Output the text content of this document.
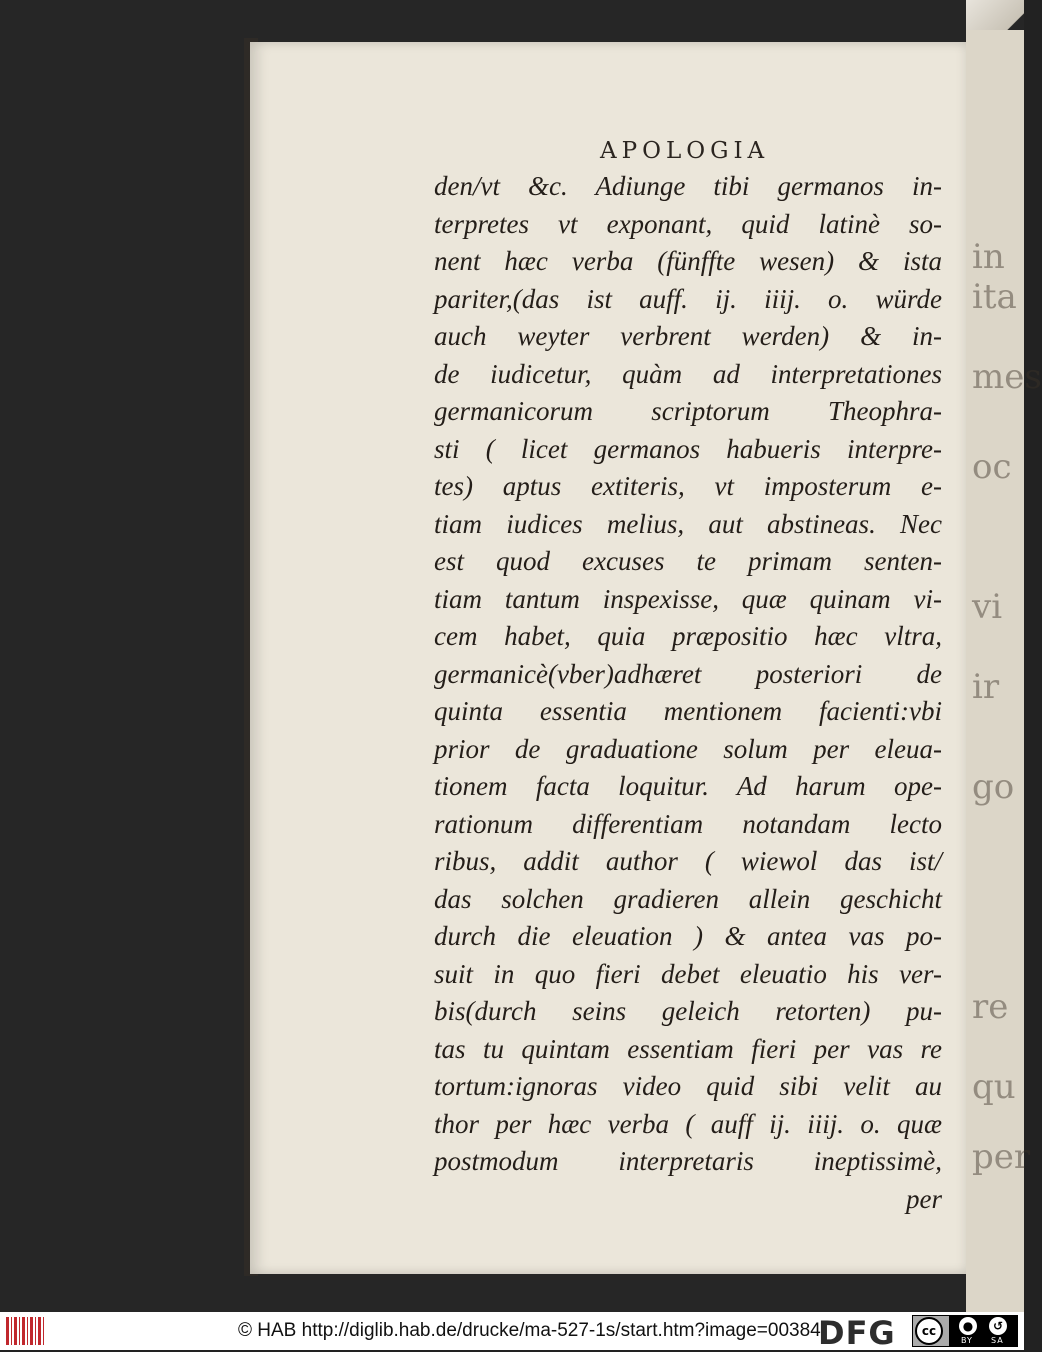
in
ita
mes
oc
vi
ir
go
re
qu
per
APOLOGIA
den/vt &c. Adiunge tibi germanos in-
terpretes vt exponant, quid latinè so-
nent hæc verba (fünffte wesen) & ista
pariter,(das ist auff. ij. iiij. o. würde
auch weyter verbrent werden) & in-
de iudicetur, quàm ad interpretationes
germanicorum scriptorum Theophra-
sti ( licet germanos habueris interpre-
tes) aptus extiteris, vt imposterum e-
tiam iudices melius, aut abstineas. Nec
est quod excuses te primam senten-
tiam tantum inspexisse, quæ quinam vi-
cem habet, quia præpositio hæc vltra,
germanicè(vber)adhæret posteriori de
quinta essentia mentionem facienti:vbi
prior de graduatione solum per eleua-
tionem facta loquitur. Ad harum ope-
rationum differentiam notandam lecto
ribus, addit author ( wiewol das ist/
das solchen gradieren allein geschicht
durch die eleuation ) & antea vas po-
suit in quo fieri debet eleuatio his ver-
bis(durch seins geleich retorten) pu-
tas tu quintam essentiam fieri per vas re
tortum:ignoras video quid sibi velit au
thor per hæc verba ( auff ij. iiij. o. quæ
postmodum interpretaris ineptissimè,
per
© HAB http://diglib.hab.de/drucke/ma-527-1s/start.htm?image=00384
DFG	cc	●	↺
BY SA
